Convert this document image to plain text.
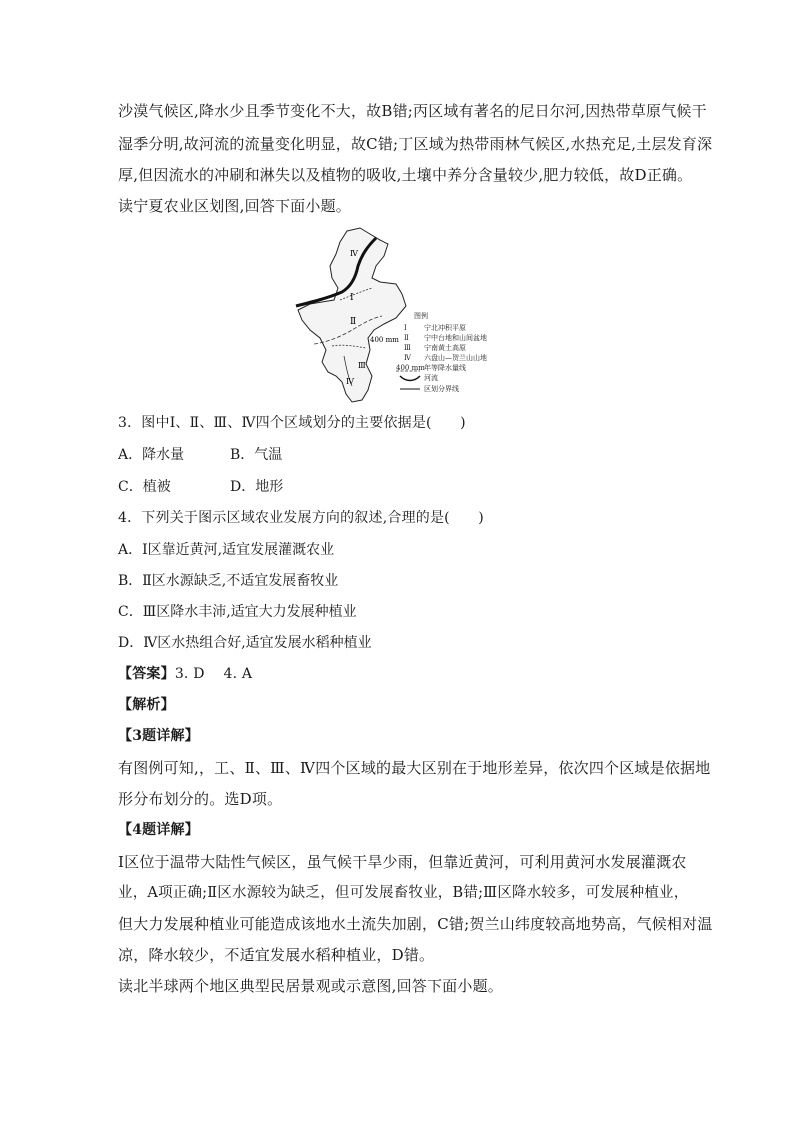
沙漠气候区,降水少且季节变化不大，故B错;丙区域有著名的尼日尔河,因热带草原气候干
湿季分明,故河流的流量变化明显，故C错;丁区域为热带雨林气候区,水热充足,土层发育深
厚,但因流水的冲刷和淋失以及植物的吸收,土壤中养分含量较少,肥力较低，故D正确。
读宁夏农业区划图,回答下面小题。
Ⅰ
Ⅱ
Ⅲ
Ⅳ
Ⅳ
400 mm
图例
Ⅰ 宁北冲积平原
Ⅱ 宁中台地和山间盆地
Ⅲ 宁南黄土高原
Ⅳ 六盘山—贺兰山山地
400 mm 年等降水量线
河流
区划分界线
3．图中Ⅰ、Ⅱ、Ⅲ、Ⅳ四个区域划分的主要依据是(　　)
A．降水量	B．气温
C．植被	D．地形
4．下列关于图示区域农业发展方向的叙述,合理的是(　　)
A．Ⅰ区靠近黄河,适宜发展灌溉农业
B．Ⅱ区水源缺乏,不适宜发展畜牧业
C．Ⅲ区降水丰沛,适宜大力发展种植业
D．Ⅳ区水热组合好,适宜发展水稻种植业
【答案】3. D　 4. A
【解析】
【3题详解】
有图例可知,，工、Ⅱ、Ⅲ、Ⅳ四个区域的最大区别在于地形差异，依次四个区域是依据地
形分布划分的。选D项。
【4题详解】
Ⅰ区位于温带大陆性气候区，虽气候干旱少雨，但靠近黄河，可利用黄河水发展灌溉农
业，A项正确;Ⅱ区水源较为缺乏，但可发展畜牧业，B错;Ⅲ区降水较多，可发展种植业，
但大力发展种植业可能造成该地水土流失加剧，C错;贺兰山纬度较高地势高，气候相对温
凉，降水较少，不适宜发展水稻种植业，D错。
读北半球两个地区典型民居景观或示意图,回答下面小题。
